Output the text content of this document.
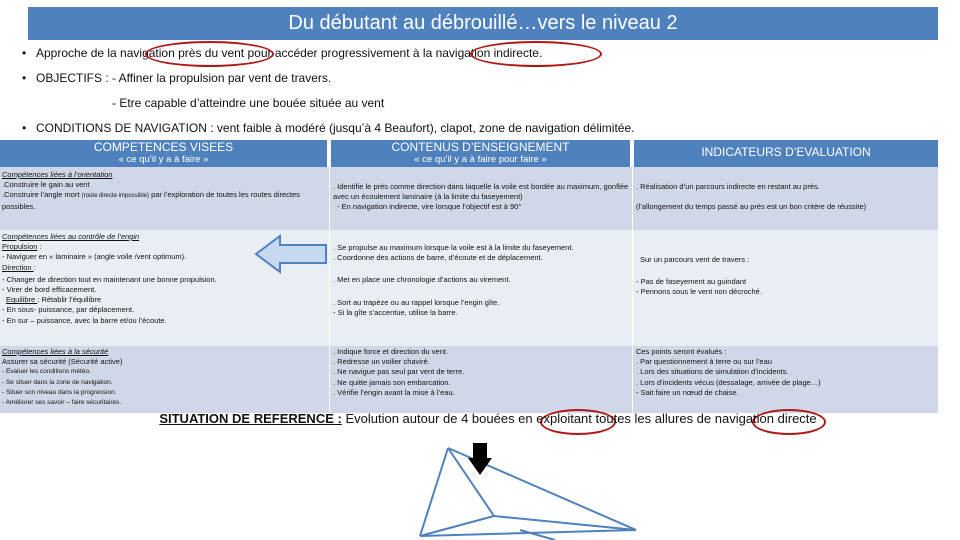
Du débutant au débrouillé…vers le niveau 2
• Approche de la navigation près du vent pour accéder progressivement à la navigation indirecte.
• OBJECTIFS : - Affiner la propulsion par vent de travers.
- Etre capable d’atteindre une bouée située au vent
• CONDITIONS DE NAVIGATION : vent faible à modéré (jusqu’à 4 Beaufort), clapot, zone de navigation délimitée.
COMPETENCES VISEES
« ce qu’il y a à faire »
CONTENUS D’ENSEIGNEMENT
« ce qu’il y a à faire pour faire »
INDICATEURS D’EVALUATION
Compétences liées à l’orientation
.Construire le gain au vent
.Construire l’angle mort (route directe impossible) par l’exploration de toutes les routes directes possibles.
. Identifie le près comme direction dans laquelle la voile est bordée au maximum, gonflée avec un écoulement laminaire (à la limite du faseyement)
- En navigation indirecte, vire lorsque l’objectif est à 90°
. Réalisation d’un parcours indirecte en restant au près.
(l’allongement du temps passé au près est un bon critère de réussite)
Compétences liées au contrôle de l’engin
Propulsion :
- Naviguer en « laminaire » (angle voile /vent optimum).
Direction :
- Changer de direction tout en maintenant une bonne propulsion.
- Virer de bord efficacement.
Equilibre : Rétablir l’équilibre
- En sous- puissance, par déplacement.
- En sur – puissance, avec la barre et/ou l’écoute.
. Se propulse au maximum lorsque la voile est à la limite du faseyement.
. Coordonne des actions de barre, d’écoute et de déplacement.
. Met en place une chronologie d’actions au virement.
. Sort au trapèze ou au rappel lorsque l’engin gîte.
- Si la gîte s’accentue, utilise la barre.
Sur un parcours vent de travers :
- Pas de faseyement au guindant
- Pennons sous le vent non décroché.
Compétences liées à la sécurité
Assurer sa sécurité (Sécurité active)
- Evaluer les conditions météo.
- Se situer dans la zone de navigation.
- Situer son niveau dans la progression.
- Améliorer ses savoir – faire sécuritaires.
. Indique force et direction du vent.
. Redresse un voilier chaviré.
. Ne navigue pas seul par vent de terre.
. Ne quitte jamais son embarcation.
. Vérifie l’engin avant la mise à l’eau.
Ces points seront évalués :
. Par questionnement à terre ou sur l’eau
. Lors des situations de simulation d’incidents.
. Lors d’incidents vécus (dessalage, arrivée de plage…)
- Sait faire un nœud de chaise.
SITUATION DE REFERENCE : Evolution autour de 4 bouées en exploitant toutes les allures de navigation directe
